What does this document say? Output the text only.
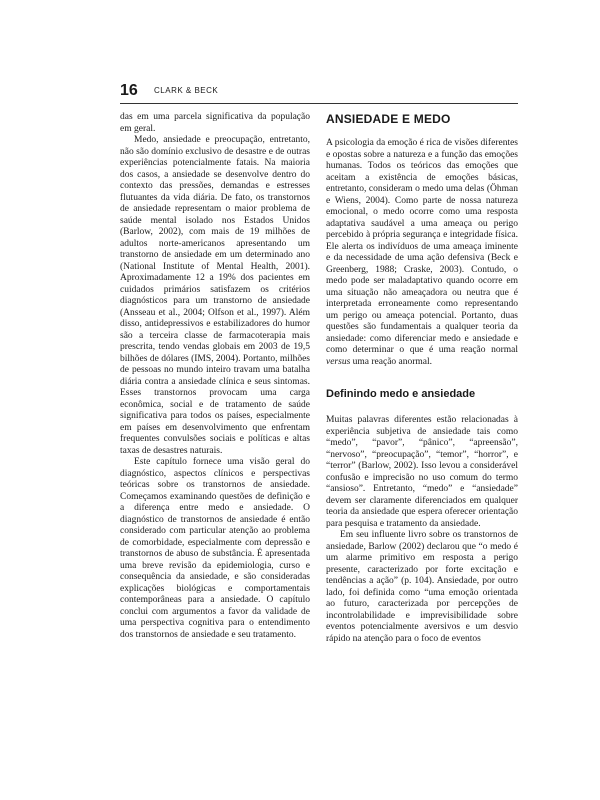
16 CLARK & BECK

das em uma parcela significativa da população em geral.

Medo, ansiedade e preocupação, entretanto, não são domínio exclusivo de desastre e de outras experiências potencialmente fatais. Na maioria dos casos, a ansiedade se desenvolve dentro do contexto das pressões, demandas e estresses flutuantes da vida diária. De fato, os transtornos de ansiedade representam o maior problema de saúde mental isolado nos Estados Unidos (Barlow, 2002), com mais de 19 milhões de adultos norte-americanos apresentando um transtorno de ansiedade em um determinado ano (National Institute of Mental Health, 2001). Aproximadamente 12 a 19% dos pacientes em cuidados primários satisfazem os critérios diagnósticos para um transtorno de ansiedade (Ansseau et al., 2004; Olfson et al., 1997). Além disso, antidepressivos e estabilizadores do humor são a terceira classe de farmacoterapia mais prescrita, tendo vendas globais em 2003 de 19,5 bilhões de dólares (IMS, 2004). Portanto, milhões de pessoas no mundo inteiro travam uma batalha diária contra a ansiedade clínica e seus sintomas. Esses transtornos provocam uma carga econômica, social e de tratamento de saúde significativa para todos os países, especialmente em países em desenvolvimento que enfrentam frequentes convulsões sociais e políticas e altas taxas de desastres naturais.

Este capítulo fornece uma visão geral do diagnóstico, aspectos clínicos e perspectivas teóricas sobre os transtornos de ansiedade. Começamos examinando questões de definição e a diferença entre medo e ansiedade. O diagnóstico de transtornos de ansiedade é então considerado com particular atenção ao problema de comorbidade, especialmente com depressão e transtornos de abuso de substância. É apresentada uma breve revisão da epidemiologia, curso e consequência da ansiedade, e são consideradas explicações biológicas e comportamentais contemporâneas para a ansiedade. O capítulo conclui com argumentos a favor da validade de uma perspectiva cognitiva para o entendimento dos transtornos de ansiedade e seu tratamento.

ANSIEDADE E MEDO

A psicologia da emoção é rica de visões diferentes e opostas sobre a natureza e a função das emoções humanas. Todos os teóricos das emoções que aceitam a existência de emoções básicas, entretanto, consideram o medo uma delas (Öhman e Wiens, 2004). Como parte de nossa natureza emocional, o medo ocorre como uma resposta adaptativa saudável a uma ameaça ou perigo percebido à própria segurança e integridade física. Ele alerta os indivíduos de uma ameaça iminente e da necessidade de uma ação defensiva (Beck e Greenberg, 1988; Craske, 2003). Contudo, o medo pode ser maladaptativo quando ocorre em uma situação não ameaçadora ou neutra que é interpretada erroneamente como representando um perigo ou ameaça potencial. Portanto, duas questões são fundamentais a qualquer teoria da ansiedade: como diferenciar medo e ansiedade e como determinar o que é uma reação normal versus uma reação anormal.

Definindo medo e ansiedade

Muitas palavras diferentes estão relacionadas à experiência subjetiva de ansiedade tais como “medo”, “pavor”, “pânico”, “apreensão”, “nervoso”, “preocupação”, “temor”, “horror”, e “terror” (Barlow, 2002). Isso levou a considerável confusão e imprecisão no uso comum do termo “ansioso”. Entretanto, “medo” e “ansiedade” devem ser claramente diferenciados em qualquer teoria da ansiedade que espera oferecer orientação para pesquisa e tratamento da ansiedade.

Em seu influente livro sobre os transtornos de ansiedade, Barlow (2002) declarou que “o medo é um alarme primitivo em resposta a perigo presente, caracterizado por forte excitação e tendências a ação” (p. 104). Ansiedade, por outro lado, foi definida como “uma emoção orientada ao futuro, caracterizada por percepções de incontrolabilidade e imprevisibilidade sobre eventos potencialmente aversivos e um desvio rápido na atenção para o foco de eventos
